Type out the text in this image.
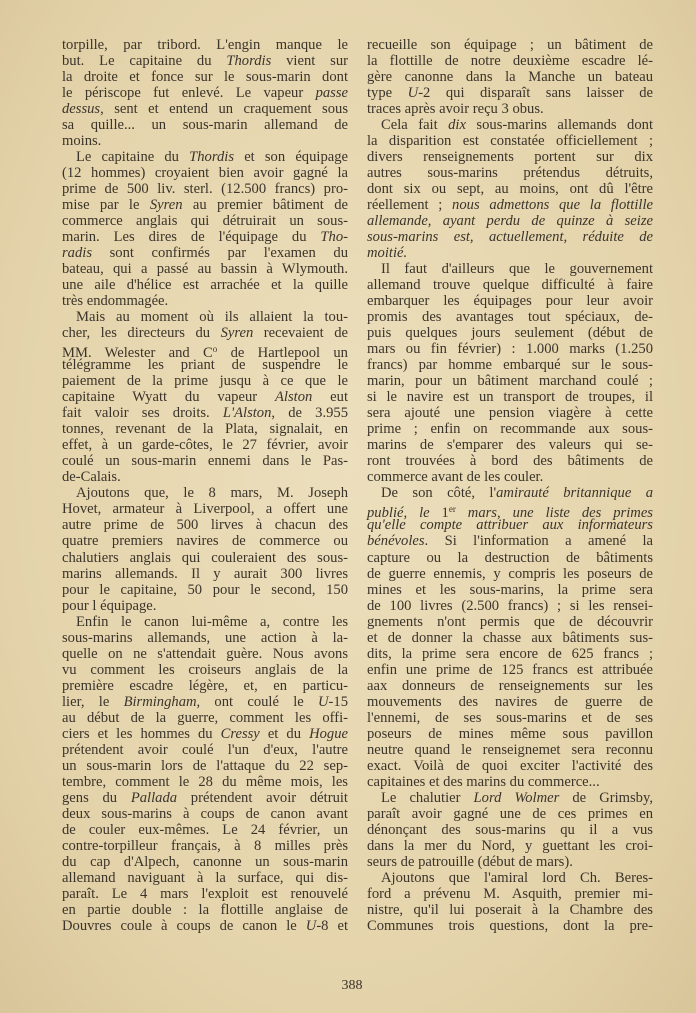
torpille, par tribord. L'engin manque le
but. Le capitaine du Thordis vient sur
la droite et fonce sur le sous-marin dont
le périscope fut enlevé. Le vapeur passe
dessus, sent et entend un craquement sous
sa quille... un sous-marin allemand de
moins.
Le capitaine du Thordis et son équipage
(12 hommes) croyaient bien avoir gagné la
prime de 500 liv. sterl. (12.500 francs) pro-
mise par le Syren au premier bâtiment de
commerce anglais qui détruirait un sous-
marin. Les dires de l'équipage du Tho-
radis sont confirmés par l'examen du
bateau, qui a passé au bassin à Wlymouth.
une aile d'hélice est arrachée et la quille
très endommagée.
Mais au moment où ils allaient la tou-
cher, les directeurs du Syren recevaient de
MM. Welester and $C^o$ de Hartlepool un
télégramme les priant de suspendre le
paiement de la prime jusqu à ce que le
capitaine Wyatt du vapeur Alston eut
fait valoir ses droits. L'Alston, de 3.955
tonnes, revenant de la Plata, signalait, en
effet, à un garde-côtes, le 27 février, avoir
coulé un sous-marin ennemi dans le Pas-
de-Calais.
Ajoutons que, le 8 mars, M. Joseph
Hovet, armateur à Liverpool, a offert une
autre prime de 500 lirves à chacun des
quatre premiers navires de commerce ou
chalutiers anglais qui couleraient des sous-
marins allemands. Il y aurait 300 livres
pour le capitaine, 50 pour le second, 150
pour l équipage.
Enfin le canon lui-même a, contre les
sous-marins allemands, une action à la-
quelle on ne s'attendait guère. Nous avons
vu comment les croiseurs anglais de la
première escadre légère, et, en particu-
lier, le Birmingham, ont coulé le U-15
au début de la guerre, comment les offi-
ciers et les hommes du Cressy et du Hogue
prétendent avoir coulé l'un d'eux, l'autre
un sous-marin lors de l'attaque du 22 sep-
tembre, comment le 28 du même mois, les
gens du Pallada prétendent avoir détruit
deux sous-marins à coups de canon avant
de couler eux-mêmes. Le 24 février, un
contre-torpilleur français, à 8 milles près
du cap d'Alpech, canonne un sous-marin
allemand naviguant à la surface, qui dis-
paraît. Le 4 mars l'exploit est renouvelé
en partie double : la flottille anglaise de
Douvres coule à coups de canon le U-8 et
recueille son équipage ; un bâtiment de
la flottille de notre deuxième escadre lé-
gère canonne dans la Manche un bateau
type U-2 qui disparaît sans laisser de
traces après avoir reçu 3 obus.
Cela fait dix sous-marins allemands dont
la disparition est constatée officiellement ;
divers renseignements portent sur dix
autres sous-marins prétendus détruits,
dont six ou sept, au moins, ont dû l'être
réellement ; nous admettons que la flottille
allemande, ayant perdu de quinze à seize
sous-marins est, actuellement, réduite de
moitié.
Il faut d'ailleurs que le gouvernement
allemand trouve quelque difficulté à faire
embarquer les équipages pour leur avoir
promis des avantages tout spéciaux, de-
puis quelques jours seulement (début de
mars ou fin février) : 1.000 marks (1.250
francs) par homme embarqué sur le sous-
marin, pour un bâtiment marchand coulé ;
si le navire est un transport de troupes, il
sera ajouté une pension viagère à cette
prime ; enfin on recommande aux sous-
marins de s'emparer des valeurs qui se-
ront trouvées à bord des bâtiments de
commerce avant de les couler.
De son côté, l'amirauté britannique a
publié, le 1er mars, une liste des primes
qu'elle compte attribuer aux informateurs
bénévoles. Si l'information a amené la
capture ou la destruction de bâtiments
de guerre ennemis, y compris les poseurs de
mines et les sous-marins, la prime sera
de 100 livres (2.500 francs) ; si les rensei-
gnements n'ont permis que de découvrir
et de donner la chasse aux bâtiments sus-
dits, la prime sera encore de 625 francs ;
enfin une prime de 125 francs est attribuée
aax donneurs de renseignements sur les
mouvements des navires de guerre de
l'ennemi, de ses sous-marins et de ses
poseurs de mines même sous pavillon
neutre quand le renseignemet sera reconnu
exact. Voilà de quoi exciter l'activité des
capitaines et des marins du commerce...
Le chalutier Lord Wolmer de Grimsby,
paraît avoir gagné une de ces primes en
dénonçant des sous-marins qu il a vus
dans la mer du Nord, y guettant les croi-
seurs de patrouille (début de mars).
Ajoutons que l'amiral lord Ch. Beres-
ford a prévenu M. Asquith, premier mi-
nistre, qu'il lui poserait à la Chambre des
Communes trois questions, dont la pre-
388
